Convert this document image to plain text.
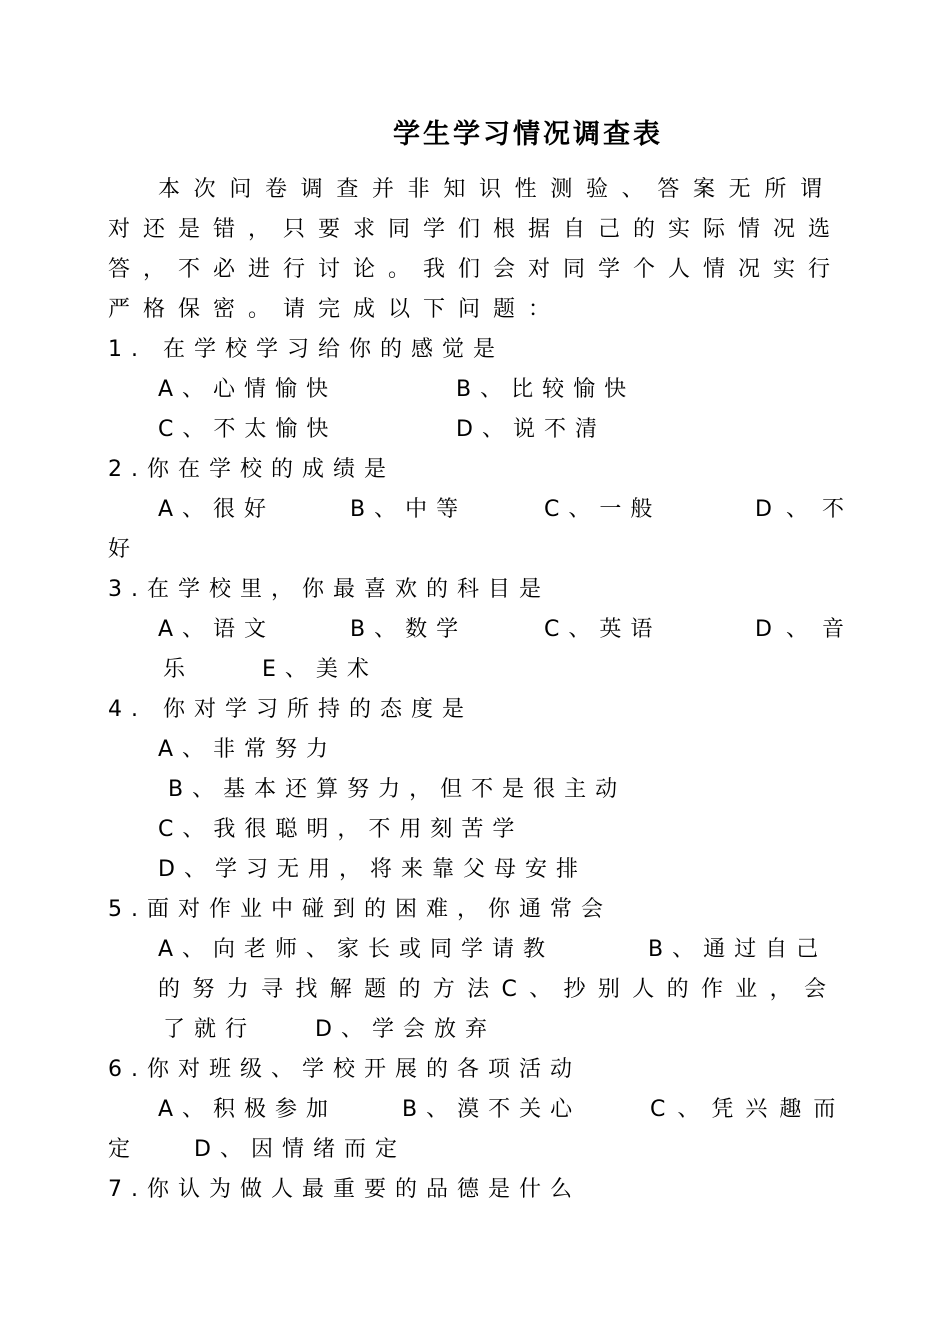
学生学习情况调查表
本次问卷调查并非知识性测验、答案无所谓
对还是错，只要求同学们根据自己的实际情况选
答，不必进行讨论。我们会对同学个人情况实行
严格保密。请完成以下问题：
1. 在学校学习给你的感觉是
A、心情愉快	B、比较愉快
C、不太愉快	D、说不清
2.你在学校的成绩是
A、很好	B、中等	C、一般	D、不
好
3.在学校里，你最喜欢的科目是
A、语文	B、数学	C、英语	D、音
乐	E、美术
4. 你对学习所持的态度是
A、非常努力
B、基本还算努力，但不是很主动
C、我很聪明，不用刻苦学
D、学习无用，将来靠父母安排
5.面对作业中碰到的困难，你通常会
A、向老师、家长或同学请教	B、通过自己
的努力寻找解题的方法C、抄别人的作业，会
了就行	D、学会放弃
6.你对班级、学校开展的各项活动
A、积极参加	B、漠不关心	C、凭兴趣而
定 D、因情绪而定
7.你认为做人最重要的品德是什么
